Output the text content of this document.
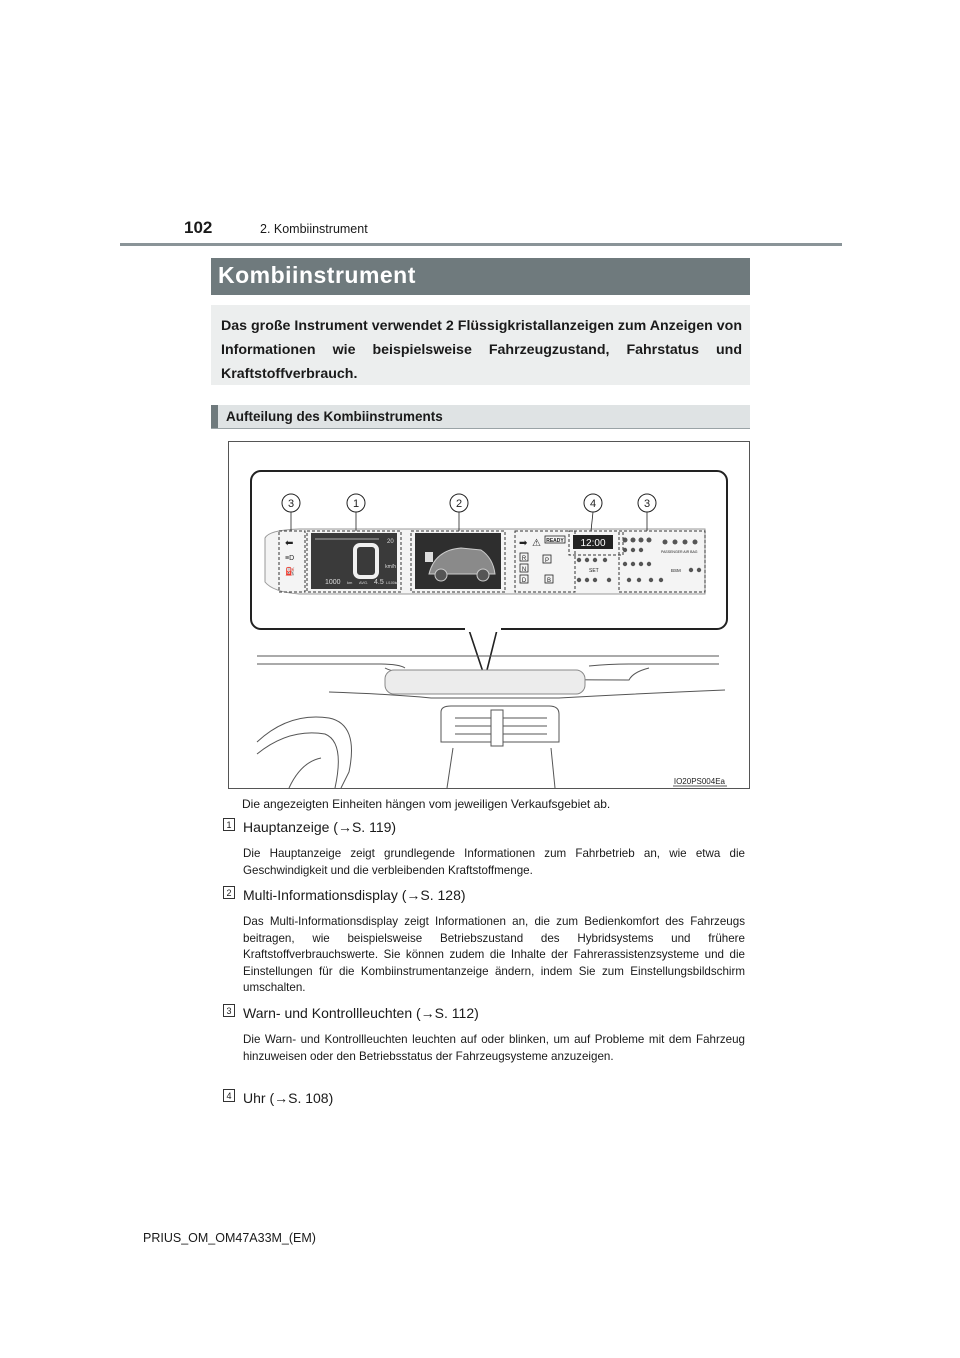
102	2. Kombiinstrument
Kombiinstrument
Das große Instrument verwendet 2 Flüssigkristallanzeigen zum Anzeigen von Informationen wie beispielsweise Fahrzeugzustand, Fahrstatus und Kraftstoffverbrauch.
Aufteilung des Kombiinstruments
km/h
1000 km AVG. 4.5 L/100km
20
⬅
≡D
⛽
➡ ⚠ READY 12:00
R
N
D
P
B
SET
PASSENGER AIR BAG
BSM
3	1	2	4	3
IO20PS004Ea
Die angezeigten Einheiten hängen vom jeweiligen Verkaufsgebiet ab.
1 Hauptanzeige (→S. 119)
Die Hauptanzeige zeigt grundlegende Informationen zum Fahrbetrieb an, wie etwa die Geschwindigkeit und die verbleibenden Kraftstoffmenge.
2 Multi-Informationsdisplay (→S. 128)
Das Multi-Informationsdisplay zeigt Informationen an, die zum Bedienkomfort des Fahrzeugs beitragen, wie beispielsweise Betriebszustand des Hybridsystems und frühere Kraftstoffverbrauchswerte. Sie können zudem die Inhalte der Fahrerassistenzsysteme und die Einstellungen für die Kombiinstrumentanzeige ändern, indem Sie zum Einstellungsbildschirm umschalten.
3 Warn- und Kontrollleuchten (→S. 112)
Die Warn- und Kontrollleuchten leuchten auf oder blinken, um auf Probleme mit dem Fahrzeug hinzuweisen oder den Betriebsstatus der Fahrzeugsysteme anzuzeigen.
4 Uhr (→S. 108)
PRIUS_OM_OM47A33M_(EM)
